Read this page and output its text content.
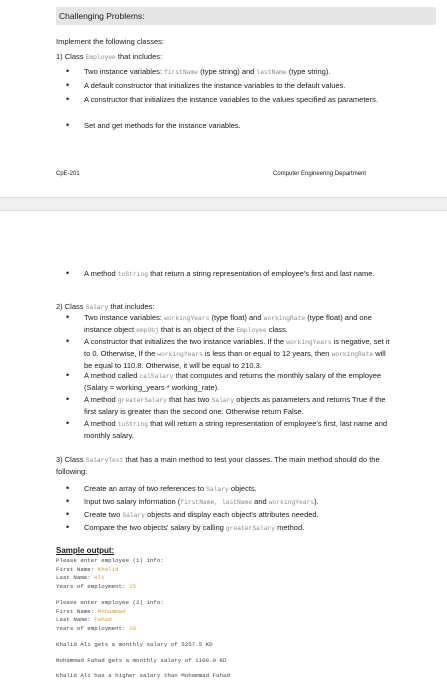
Challenging Problems:
Implement the following classes:
1) Class Employee that includes:
• Two instance variables: firstName (type string) and lastName (type string).
• A default constructor that initializes the instance variables to the default values.
• A constructor that initializes the instance variables to the values specified as parameters.
• Set and get methods for the instance variables.
CpE-201	Computer Engineering Department
• A method toString that return a string representation of employee's first and last name.
2) Class Salary that includes:
• Two instance variables: workingYears (type float) and workingRate (type float) and one instance object empObj that is an object of the Employee class.
• A constructor that initializes the two instance variables. If the workingYears is negative, set it to 0. Otherwise, If the workingYears is less than or equal to 12 years, then workingRate will be equal to 110.8. Otherwise, it will be equal to 210.3.
• A method called calSalary that computes and returns the monthly salary of the employee (Salary = working_years * working_rate).
• A method greaterSalary that has two Salary objects as parameters and returns True if the first salary is greater than the second one. Otherwise return False.
• A method toString that will return a string representation of employee's first, last name and monthly salary.
3) Class SalaryTest that has a main method to test your classes. The main method should do the following:
• Create an array of two references to Salary objects.
• Input two salary information (firstName, lastName and workingYears).
• Create two Salary objects and display each object's attributes needed.
• Compare the two objects' salary by calling greaterSalary method.
Sample output:
Please enter employee (1) info:
First Name: Khalid
Last Name: Ali
Years of employment: 25
Please enter employee (2) info:
First Name: Mohammad
Last Name: Fahad
Years of employment: 10
Khalid Ali gets a monthly salary of 5257.5 KD
Mohammad Fahad gets a monthly salary of 1108.0 KD
Khalid Ali has a higher salary than Mohammad Fahad
